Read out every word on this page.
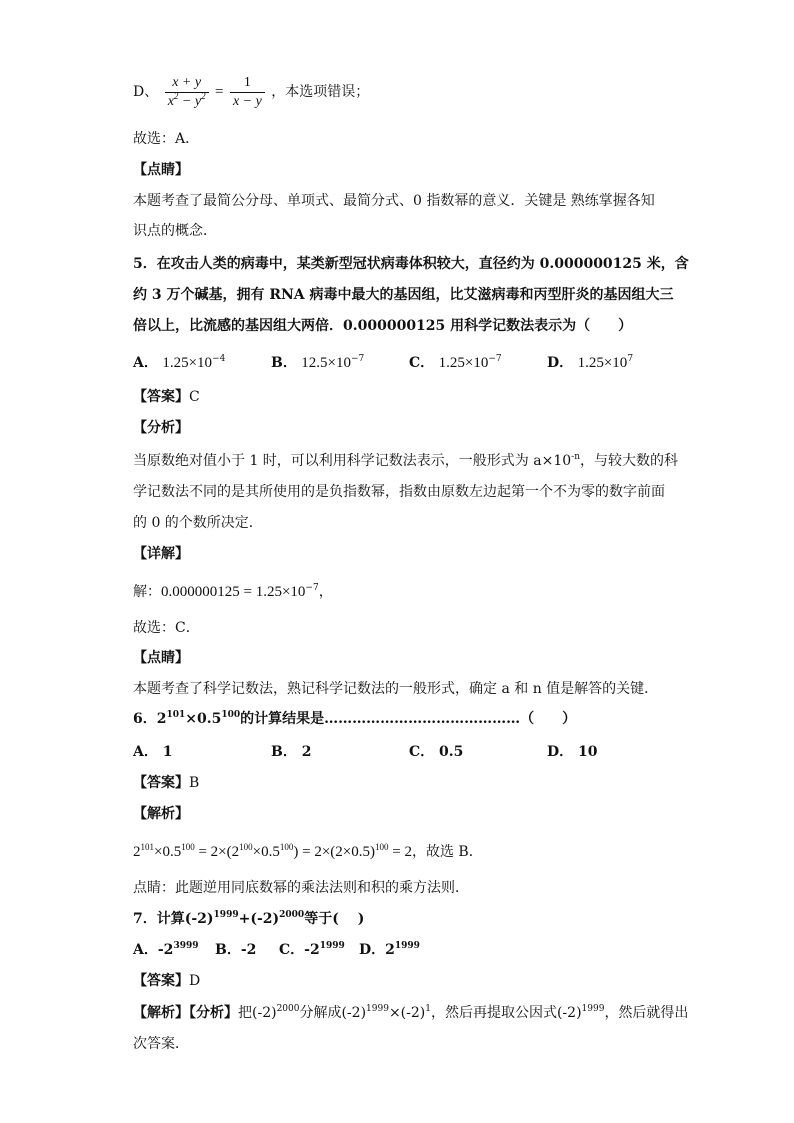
D、 $\frac{x + y}{x^2 - y^2} = \frac{1}{x - y}$ ，本选项错误；
故选：A．
【点睛】
本题考查了最简公分母、单项式、最简分式、0 指数幂的意义．关键是 熟练掌握各知
识点的概念．
5．在攻击人类的病毒中，某类新型冠状病毒体积较大，直径约为 0.000000125 米，含
约 3 万个碱基，拥有 RNA 病毒中最大的基因组，比艾滋病毒和丙型肝炎的基因组大三
倍以上，比流感的基因组大两倍．0.000000125 用科学记数法表示为（　　）
A． $1.25\times 10^{-4}$	B． $12.5\times 10^{-7}$	C． $1.25\times 10^{-7}$	D． $1.25\times 10^7$
【答案】C
【分析】
当原数绝对值小于 1 时，可以利用科学记数法表示，一般形式为 $a\times 10^{-n}$，与较大数的科
学记数法不同的是其所使用的是负指数幂，指数由原数左边起第一个不为零的数字前面
的 0 的个数所决定．
【详解】
解：$0.000000125 = 1.25\times 10^{-7}$，
故选：C．
【点睛】
本题考查了科学记数法，熟记科学记数法的一般形式，确定 a 和 n 值是解答的关键．
6．$2^{101}\times 0.5^{100}$的计算结果是……………………………………（　　）
A． 1	B． 2	C． 0.5	D． 10
【答案】B
【解析】
$2^{101}\times 0.5^{100} = 2\times(2^{100}\times 0.5^{100}) = 2\times(2\times 0.5)^{100} = 2$，故选 B．
点睛：此题逆用同底数幂的乘法法则和积的乘方法则．
7．计算$(-2)^{1999}+(-2)^{2000}$等于(　 )
A．$-2^{3999}$ B．-2 C．$-2^{1999}$ D．$2^{1999}$
【答案】D
【解析】【分析】把$(-2)^{2000}$分解成$(-2)^{1999}\times(-2)^1$，然后再提取公因式$(-2)^{1999}$，然后就得出
次答案．
